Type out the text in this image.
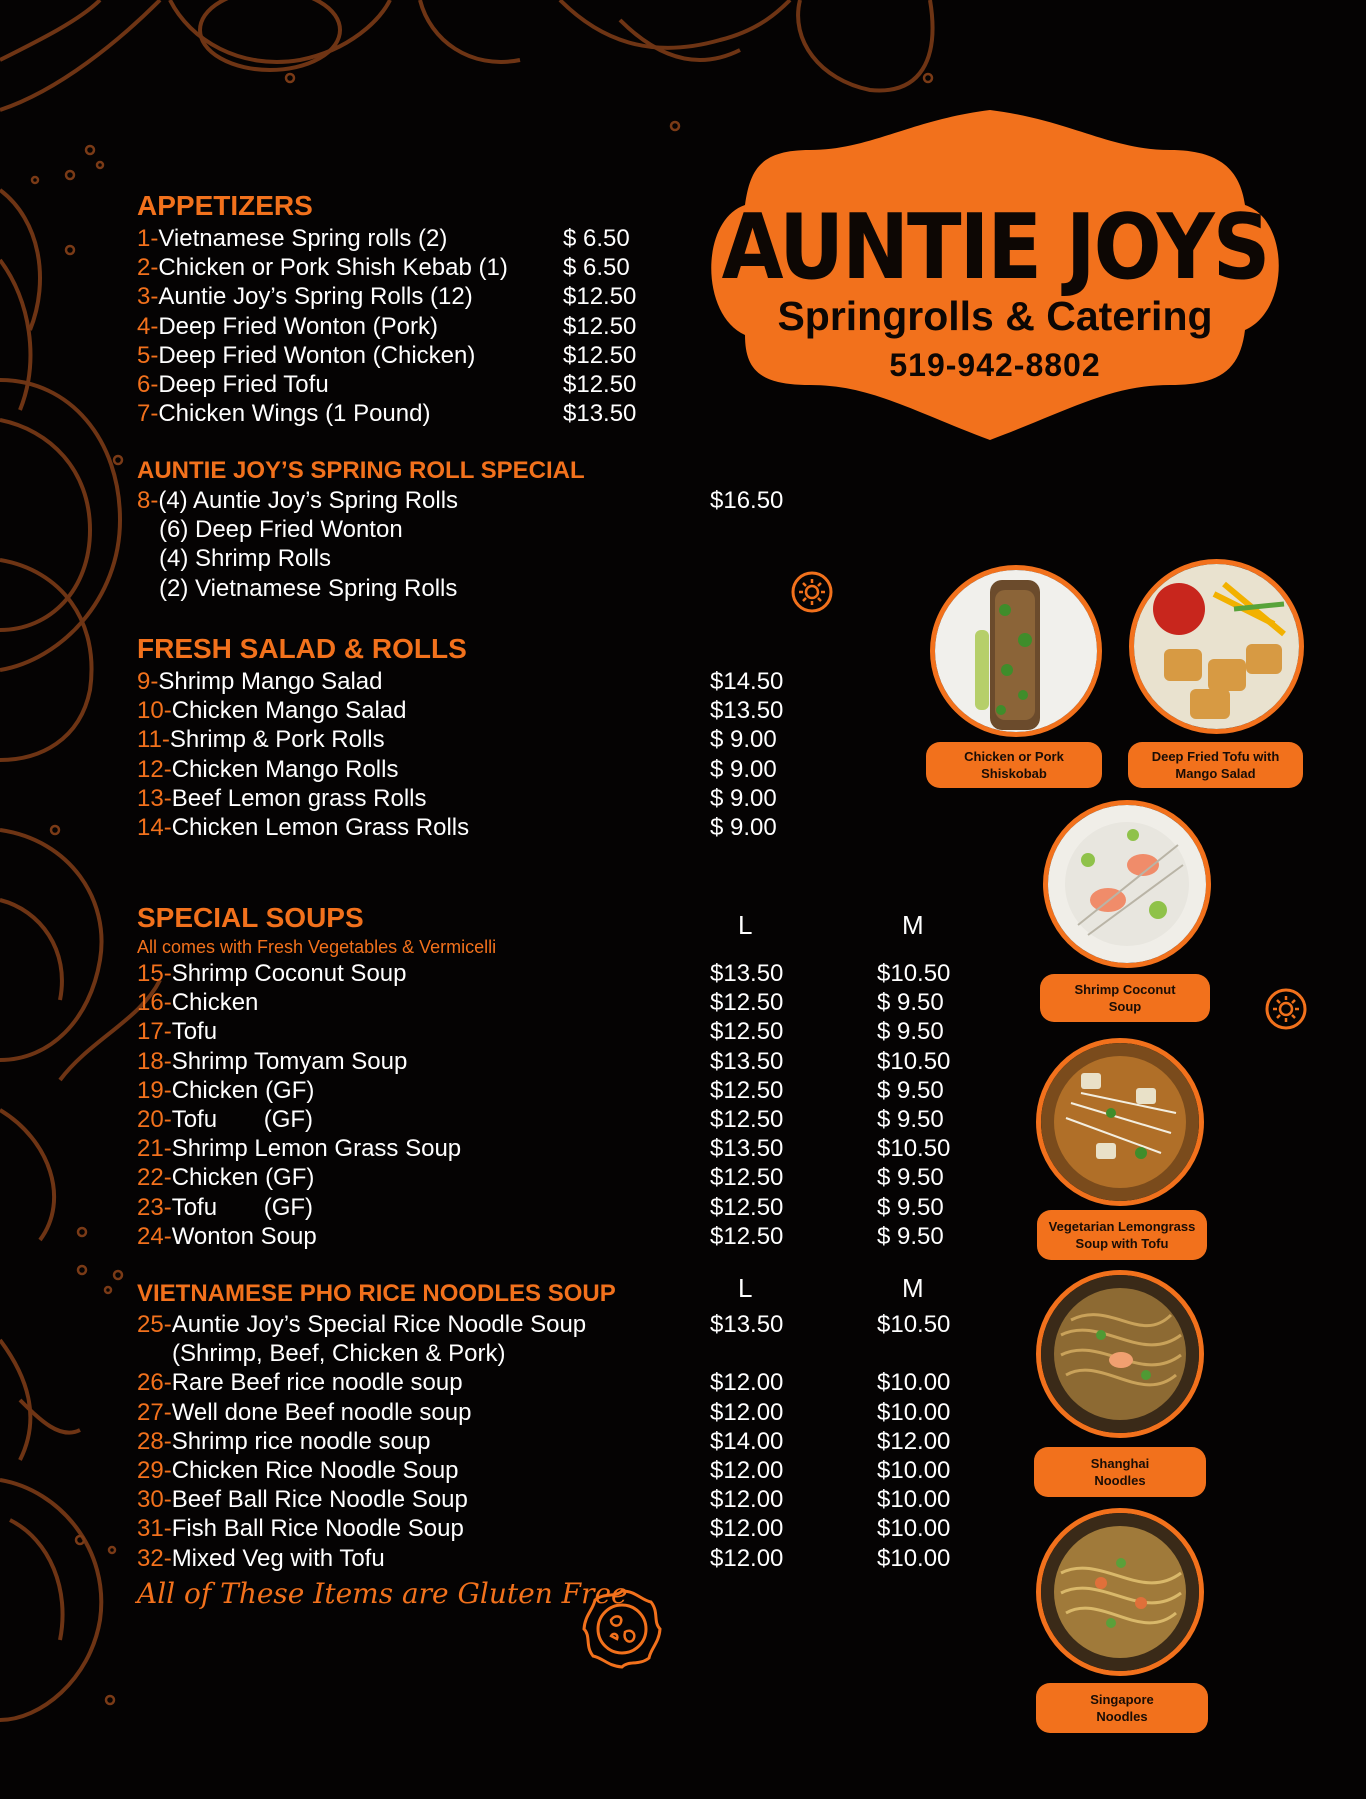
AUNTIE JOYS
Springrolls & Catering
519-942-8802
APPETIZERS
1-Vietnamese Spring rolls (2)	$ 6.50
2-Chicken or Pork Shish Kebab (1) $ 6.50
3-Auntie Joy’s Spring Rolls (12)	$12.50
4-Deep Fried Wonton (Pork)	$12.50
5-Deep Fried Wonton (Chicken)	$12.50
6-Deep Fried Tofu	$12.50
7-Chicken Wings (1 Pound)	$13.50
AUNTIE JOY’S SPRING ROLL SPECIAL
8-(4) Auntie Joy’s Spring Rolls	$16.50
(6) Deep Fried Wonton
(4) Shrimp Rolls
(2) Vietnamese Spring Rolls
FRESH SALAD & ROLLS
9-Shrimp Mango Salad	$14.50
10-Chicken Mango Salad	$13.50
11-Shrimp & Pork Rolls	$ 9.00
12-Chicken Mango Rolls	$ 9.00
13-Beef Lemon grass Rolls	$ 9.00
14-Chicken Lemon Grass Rolls	$ 9.00
SPECIAL SOUPS	L	M
All comes with Fresh Vegetables & Vermicelli
15-Shrimp Coconut Soup	$13.50	$10.50
16-Chicken	$12.50	$ 9.50
17-Tofu	$12.50	$ 9.50
18-Shrimp Tomyam Soup	$13.50	$10.50
19-Chicken (GF)	$12.50	$ 9.50
20-Tofu       (GF)	$12.50	$ 9.50
21-Shrimp Lemon Grass Soup	$13.50	$10.50
22-Chicken (GF)	$12.50	$ 9.50
23-Tofu       (GF)	$12.50	$ 9.50
24-Wonton Soup	$12.50	$ 9.50
VIETNAMESE PHO RICE NOODLES SOUP	L	M
25-Auntie Joy’s Special Rice Noodle Soup	$13.50	$10.50
(Shrimp, Beef, Chicken & Pork)
26-Rare Beef rice noodle soup	$12.00	$10.00
27-Well done Beef noodle soup	$12.00	$10.00
28-Shrimp rice noodle soup	$14.00	$12.00
29-Chicken Rice Noodle Soup	$12.00	$10.00
30-Beef Ball Rice Noodle Soup	$12.00	$10.00
31-Fish Ball Rice Noodle Soup	$12.00	$10.00
32-Mixed Veg with Tofu	$12.00	$10.00
All of These Items are Gluten Free
Chicken or Pork
Shiskobab
Deep Fried Tofu with
Mango Salad
Shrimp Coconut
Soup
Vegetarian Lemongrass
Soup with Tofu
Shanghai
Noodles
Singapore
Noodles
